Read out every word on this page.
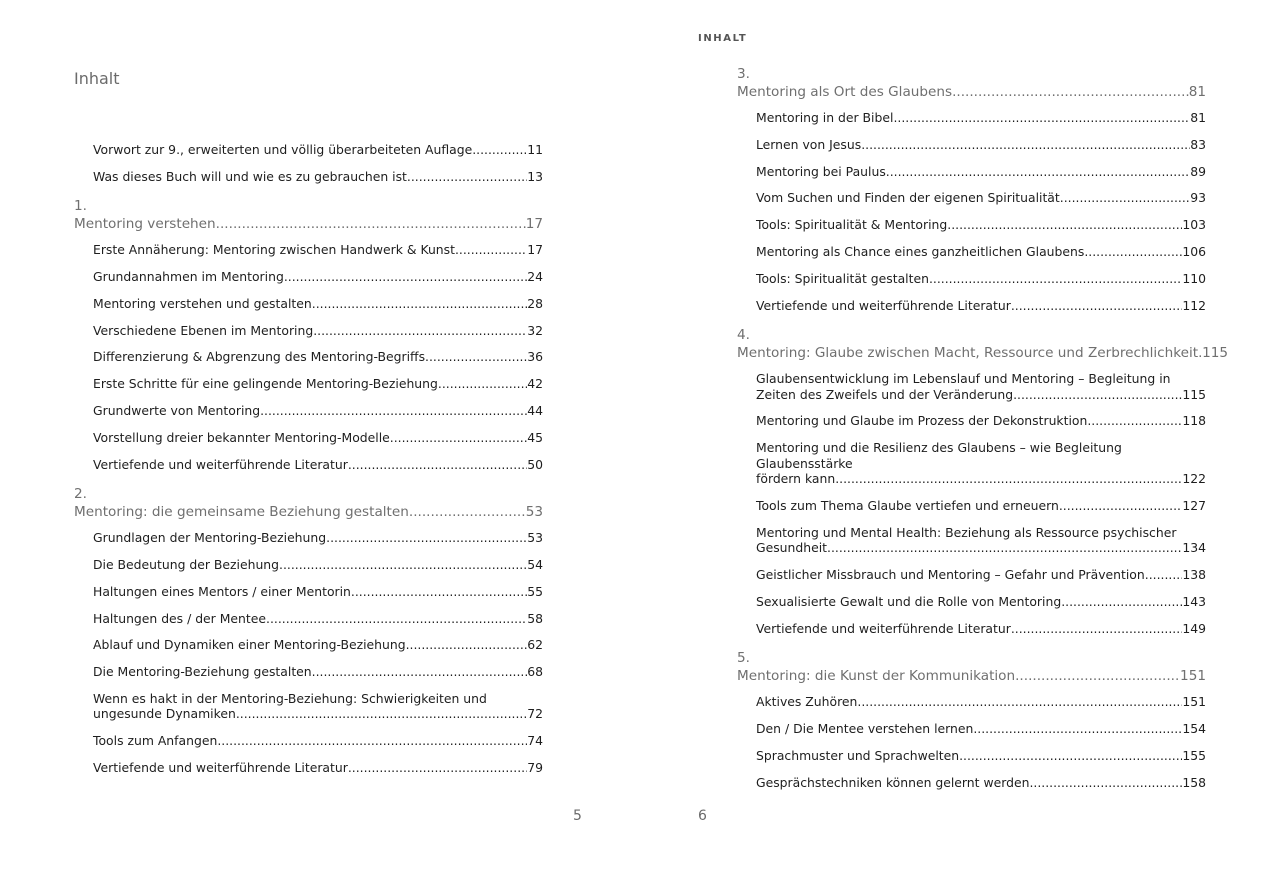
Inhalt
Vorwort zur 9., erweiterten und völlig überarbeiteten Auflage .....	11
Was dieses Buch will und wie es zu gebrauchen ist .....	13
1.
Mentoring verstehen .....	17
Erste Annäherung: Mentoring zwischen Handwerk & Kunst .....	17
Grundannahmen im Mentoring .....	24
Mentoring verstehen und gestalten .....	28
Verschiedene Ebenen im Mentoring .....	32
Differenzierung & Abgrenzung des Mentoring-Begriffs .....	36
Erste Schritte für eine gelingende Mentoring-Beziehung .....	42
Grundwerte von Mentoring .....	44
Vorstellung dreier bekannter Mentoring-Modelle .....	45
Vertiefende und weiterführende Literatur .....	50
2.
Mentoring: die gemeinsame Beziehung gestalten .....	53
Grundlagen der Mentoring-Beziehung .....	53
Die Bedeutung der Beziehung .....	54
Haltungen eines Mentors / einer Mentorin .....	55
Haltungen des / der Mentee .....	58
Ablauf und Dynamiken einer Mentoring-Beziehung .....	62
Die Mentoring-Beziehung gestalten .....	68
Wenn es hakt in der Mentoring-Beziehung: Schwierigkeiten und
ungesunde Dynamiken .....	72
Tools zum Anfangen .....	74
Vertiefende und weiterführende Literatur .....	79
5
INHALT
3.
Mentoring als Ort des Glaubens .....	81
Mentoring in der Bibel .....	81
Lernen von Jesus .....	83
Mentoring bei Paulus .....	89
Vom Suchen und Finden der eigenen Spiritualität .....	93
Tools: Spiritualität & Mentoring .....	103
Mentoring als Chance eines ganzheitlichen Glaubens .....	106
Tools: Spiritualität gestalten .....	110
Vertiefende und weiterführende Literatur .....	112
4.
Mentoring: Glaube zwischen Macht, Ressource und Zerbrechlichkeit ..... 115
Glaubensentwicklung im Lebenslauf und Mentoring – Begleitung in
Zeiten des Zweifels und der Veränderung .....	115
Mentoring und Glaube im Prozess der Dekonstruktion .....	118
Mentoring und die Resilienz des Glaubens – wie Begleitung Glaubensstärke
fördern kann .....	122
Tools zum Thema Glaube vertiefen und erneuern .....	127
Mentoring und Mental Health: Beziehung als Ressource psychischer
Gesundheit .....	134
Geistlicher Missbrauch und Mentoring – Gefahr und Prävention .....	138
Sexualisierte Gewalt und die Rolle von Mentoring .....	143
Vertiefende und weiterführende Literatur .....	149
5.
Mentoring: die Kunst der Kommunikation .....	151
Aktives Zuhören .....	151
Den / Die Mentee verstehen lernen .....	154
Sprachmuster und Sprachwelten .....	155
Gesprächstechniken können gelernt werden .....	158
6
